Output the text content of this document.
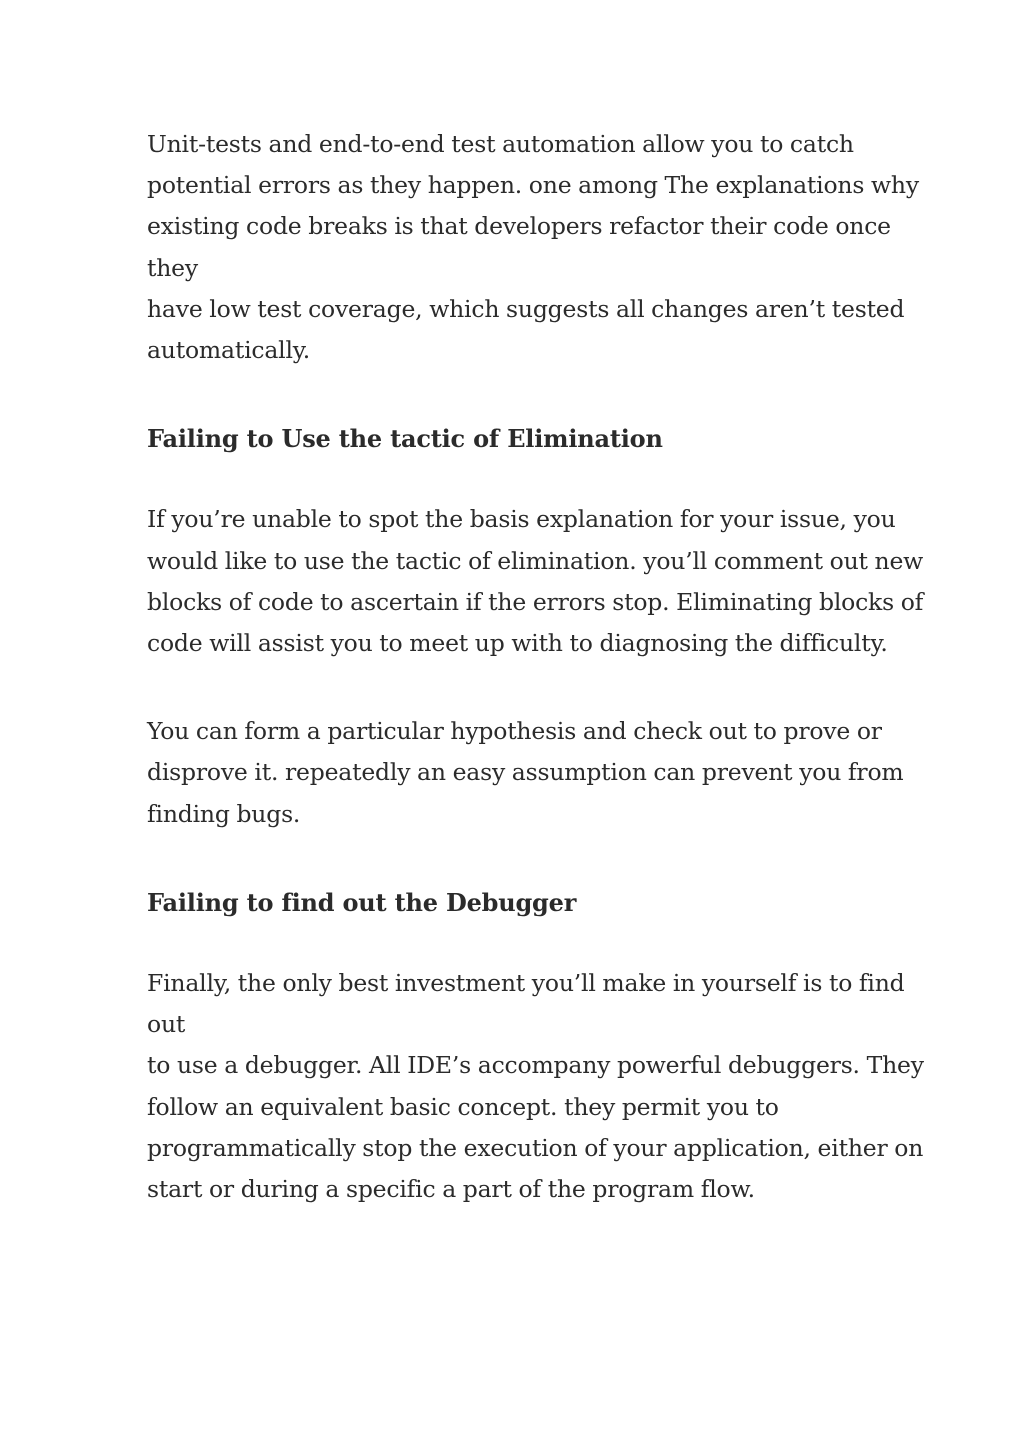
Unit-tests and end-to-end test automation allow you to catch
potential errors as they happen. one among The explanations why
existing code breaks is that developers refactor their code once they
have low test coverage, which suggests all changes aren’t tested
automatically.

Failing to Use the tactic of Elimination

If you’re unable to spot the basis explanation for your issue, you
would like to use the tactic of elimination. you’ll comment out new
blocks of code to ascertain if the errors stop. Eliminating blocks of
code will assist you to meet up with to diagnosing the difficulty.

You can form a particular hypothesis and check out to prove or
disprove it. repeatedly an easy assumption can prevent you from
finding bugs.

Failing to find out the Debugger

Finally, the only best investment you’ll make in yourself is to find out
to use a debugger. All IDE’s accompany powerful debuggers. They
follow an equivalent basic concept. they permit you to
programmatically stop the execution of your application, either on
start or during a specific a part of the program flow.
